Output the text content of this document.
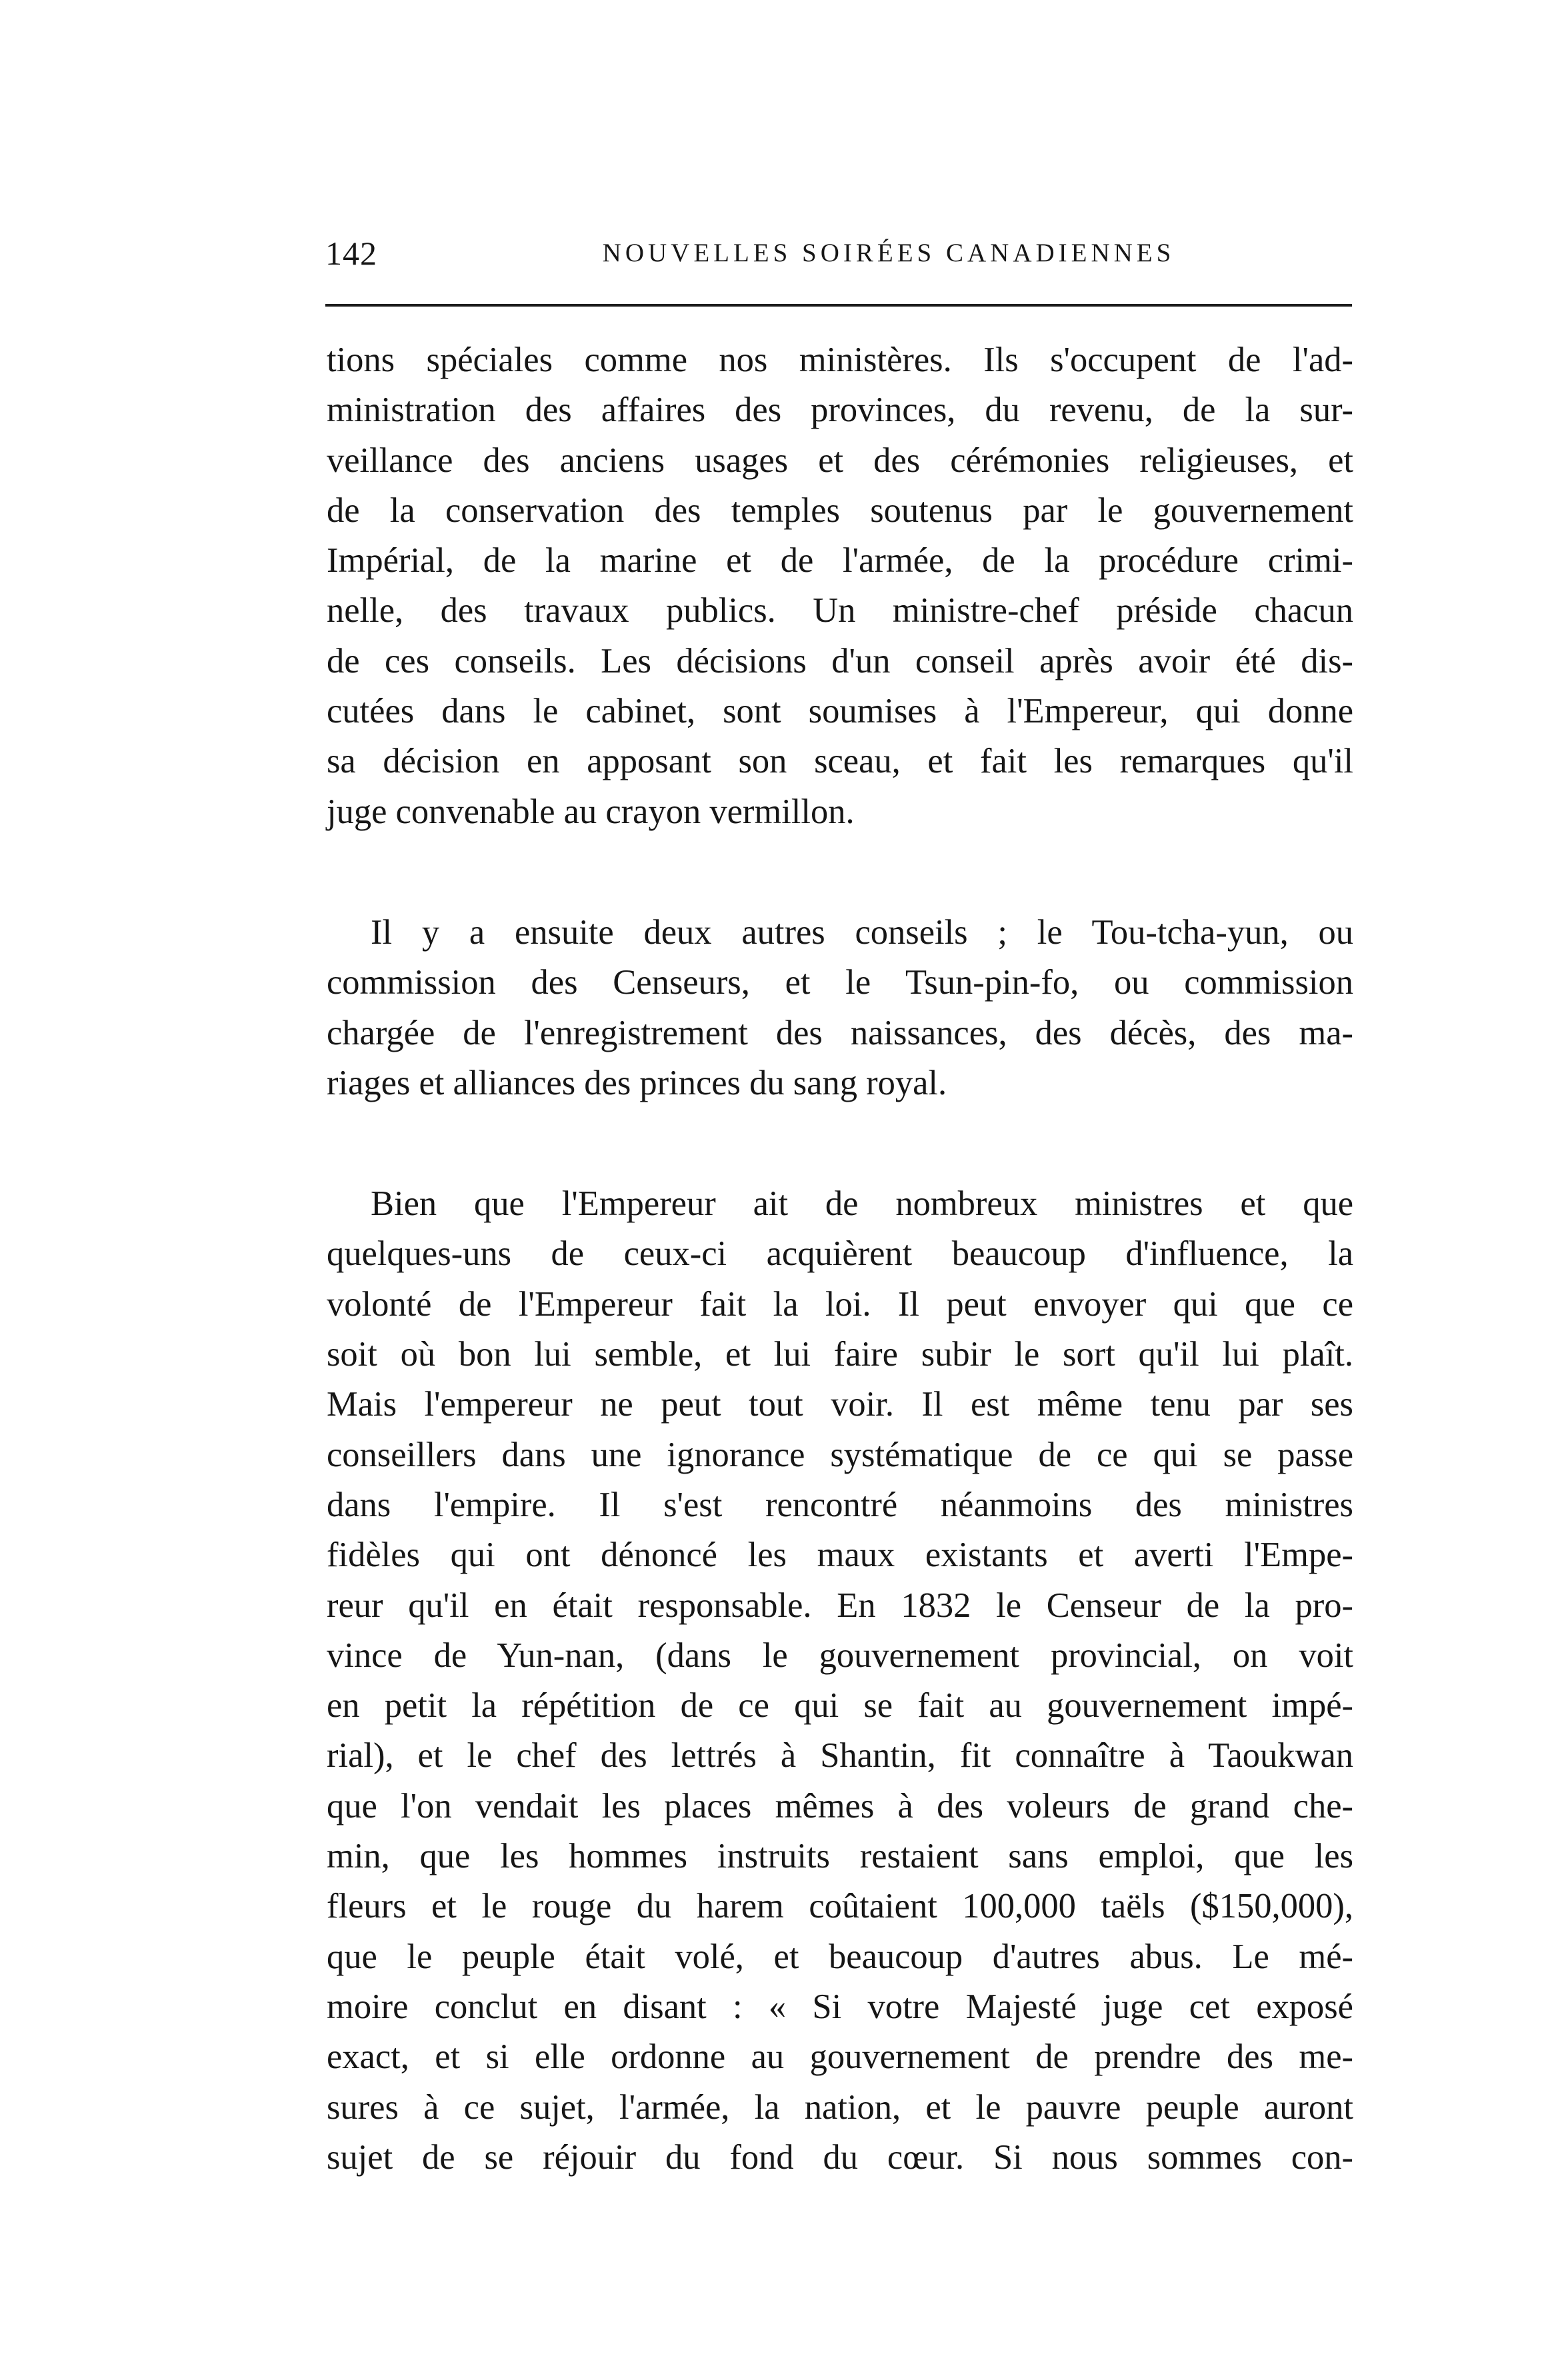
142	NOUVELLES SOIRÉES CANADIENNES

tions spéciales comme nos ministères. Ils s'occupent de l'ad-
ministration des affaires des provinces, du revenu, de la sur-
veillance des anciens usages et des cérémonies religieuses, et
de la conservation des temples soutenus par le gouvernement
Impérial, de la marine et de l'armée, de la procédure crimi-
nelle, des travaux publics. Un ministre-chef préside chacun
de ces conseils. Les décisions d'un conseil après avoir été dis-
cutées dans le cabinet, sont soumises à l'Empereur, qui donne
sa décision en apposant son sceau, et fait les remarques qu'il
juge convenable au crayon vermillon.

Il y a ensuite deux autres conseils ; le Tou-tcha-yun, ou
commission des Censeurs, et le Tsun-pin-fo, ou commission
chargée de l'enregistrement des naissances, des décès, des ma-
riages et alliances des princes du sang royal.

Bien que l'Empereur ait de nombreux ministres et que
quelques-uns de ceux-ci acquièrent beaucoup d'influence, la
volonté de l'Empereur fait la loi. Il peut envoyer qui que ce
soit où bon lui semble, et lui faire subir le sort qu'il lui plaît.
Mais l'empereur ne peut tout voir. Il est même tenu par ses
conseillers dans une ignorance systématique de ce qui se passe
dans l'empire. Il s'est rencontré néanmoins des ministres
fidèles qui ont dénoncé les maux existants et averti l'Empe-
reur qu'il en était responsable. En 1832 le Censeur de la pro-
vince de Yun-nan, (dans le gouvernement provincial, on voit
en petit la répétition de ce qui se fait au gouvernement impé-
rial), et le chef des lettrés à Shantin, fit connaître à Taoukwan
que l'on vendait les places mêmes à des voleurs de grand che-
min, que les hommes instruits restaient sans emploi, que les
fleurs et le rouge du harem coûtaient 100,000 taëls ($150,000),
que le peuple était volé, et beaucoup d'autres abus. Le mé-
moire conclut en disant : « Si votre Majesté juge cet exposé
exact, et si elle ordonne au gouvernement de prendre des me-
sures à ce sujet, l'armée, la nation, et le pauvre peuple auront
sujet de se réjouir du fond du cœur. Si nous sommes con-
